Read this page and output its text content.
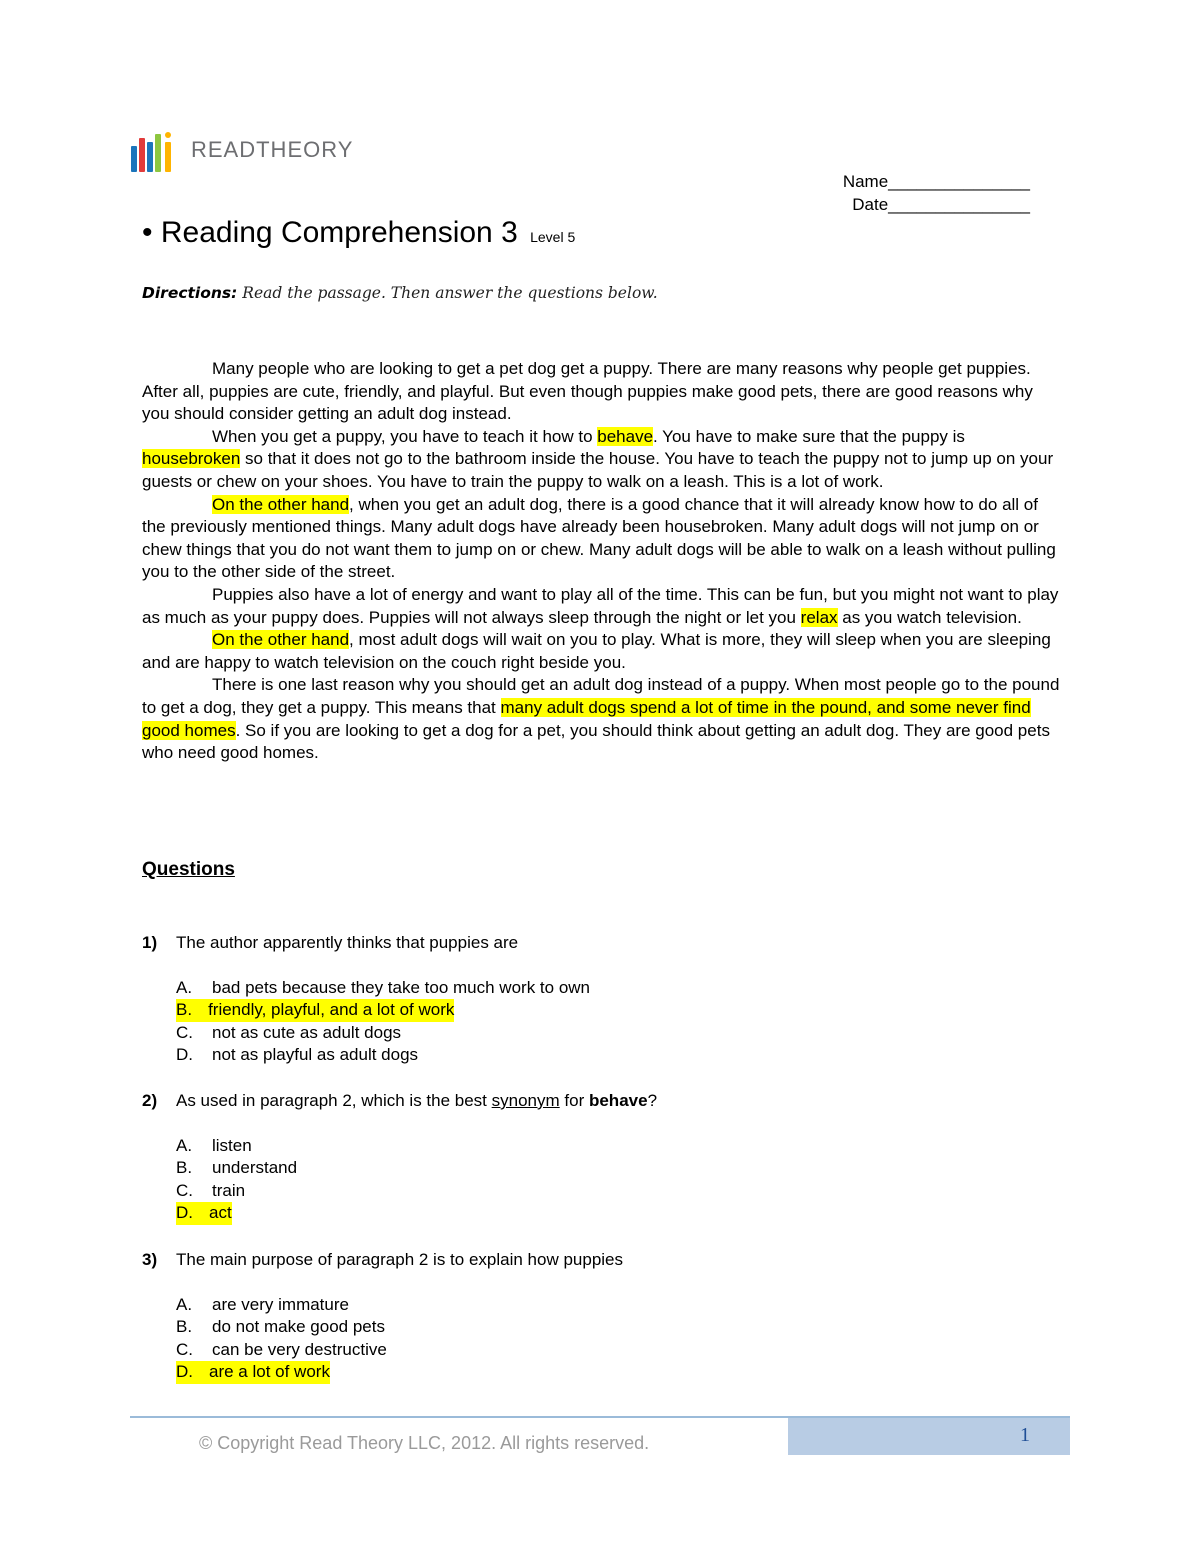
READTHEORY
Name_______________
Date_______________
• Reading Comprehension 3 Level 5
Directions: Read the passage. Then answer the questions below.

Many people who are looking to get a pet dog get a puppy. There are many reasons why people get puppies. After all, puppies are cute, friendly, and playful. But even though puppies make good pets, there are good reasons why you should consider getting an adult dog instead.

When you get a puppy, you have to teach it how to behave. You have to make sure that the puppy is housebroken so that it does not go to the bathroom inside the house. You have to teach the puppy not to jump up on your guests or chew on your shoes. You have to train the puppy to walk on a leash. This is a lot of work.

On the other hand, when you get an adult dog, there is a good chance that it will already know how to do all of the previously mentioned things. Many adult dogs have already been housebroken. Many adult dogs will not jump on or chew things that you do not want them to jump on or chew. Many adult dogs will be able to walk on a leash without pulling you to the other side of the street.

Puppies also have a lot of energy and want to play all of the time. This can be fun, but you might not want to play as much as your puppy does. Puppies will not always sleep through the night or let you relax as you watch television.

On the other hand, most adult dogs will wait on you to play. What is more, they will sleep when you are sleeping and are happy to watch television on the couch right beside you.

There is one last reason why you should get an adult dog instead of a puppy. When most people go to the pound to get a dog, they get a puppy. This means that many adult dogs spend a lot of time in the pound, and some never find good homes. So if you are looking to get a dog for a pet, you should think about getting an adult dog. They are good pets who need good homes.

Questions
1)	The author apparently thinks that puppies are
A.	bad pets because they take too much work to own
B. friendly, playful, and a lot of work
C.	not as cute as adult dogs
D.	not as playful as adult dogs
2)	As used in paragraph 2, which is the best synonym for behave?
A.	listen
B.	understand
C.	train
D. act
3)	The main purpose of paragraph 2 is to explain how puppies
A.	are very immature
B.	do not make good pets
C.	can be very destructive
D. are a lot of work
© Copyright Read Theory LLC, 2012. All rights reserved.	1
